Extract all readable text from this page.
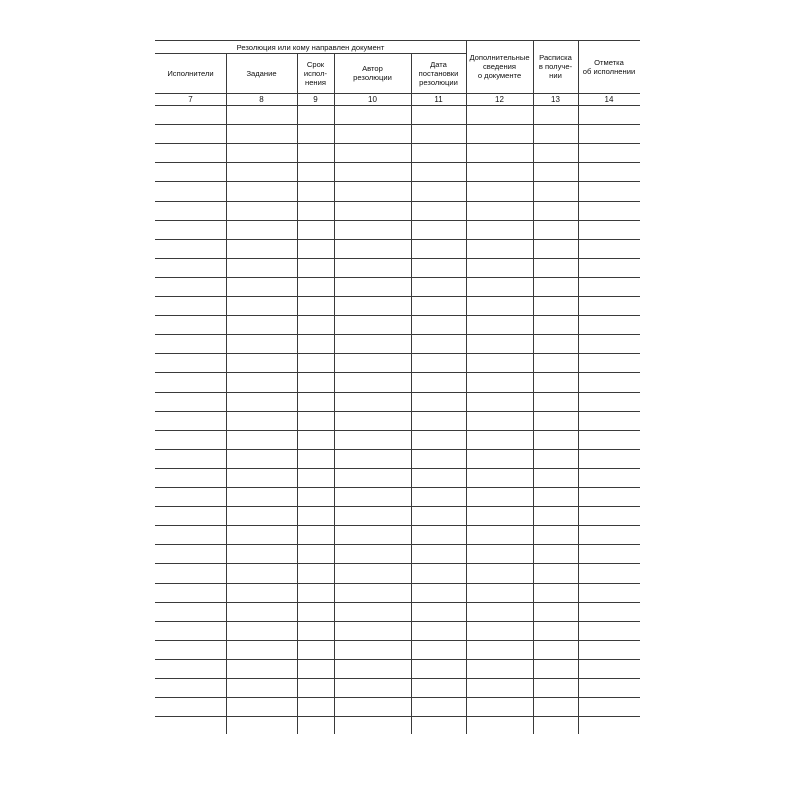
Резолюция или кому направлен документ
Исполнители
7
Задание
8
Срок
испол-
нения
9
Автор
резолюции
10
Дата
постановки
резолюции
11
Дополнительные
сведения
о документе
12
Расписка
в получе-
нии
13
Отметка
об исполнении
14
